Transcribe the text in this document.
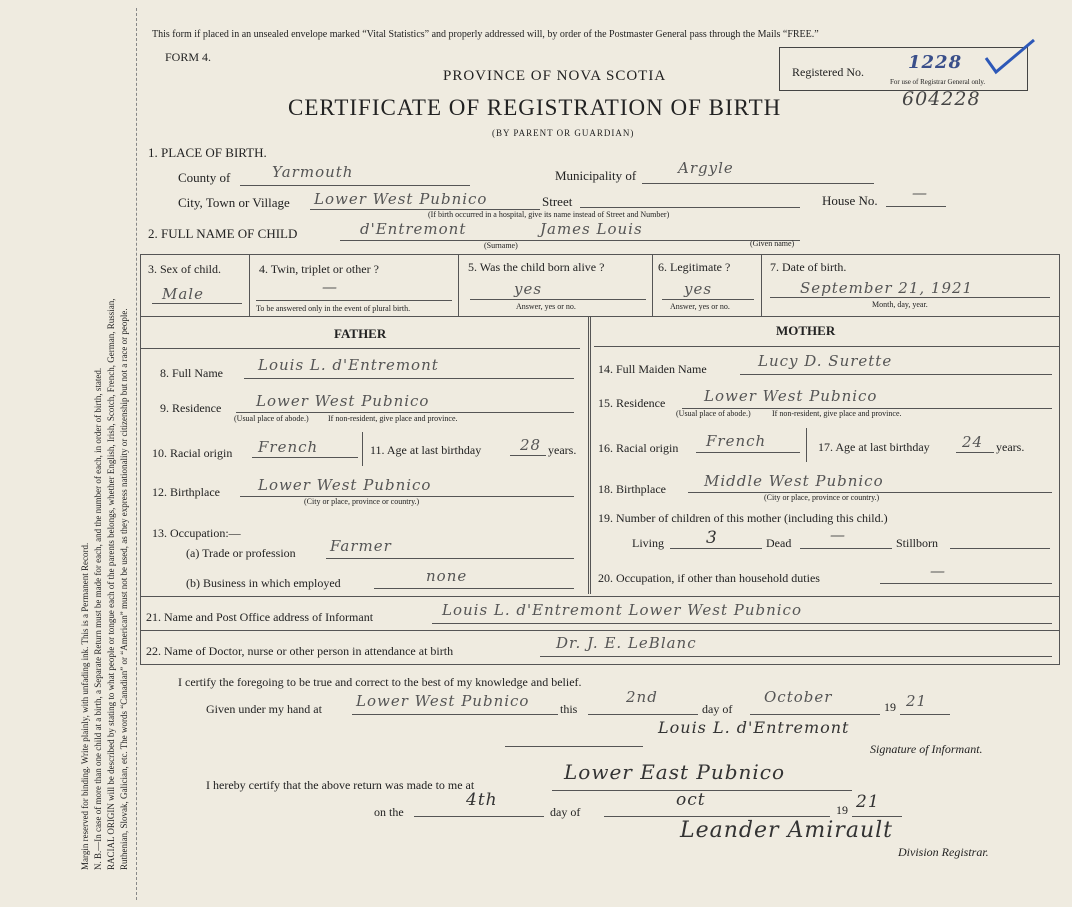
Margin reserved for binding. Write plainly, with unfading ink. This is a Permanent Record. N. B.—In case of more than one child at a birth, a Separate Return must be made for each, and the number of each, in order of birth, stated. RACIAL ORIGIN will be described by stating to what people or tongue each of the parents belongs, whether English, Irish, Scotch, French, German, Russian, Ruthenian, Slovak, Galician, etc. The words “Canadian” or “American” must not be used, as they express nationality or citizenship but not a race or people.
This form if placed in an unsealed envelope marked “Vital Statistics” and properly addressed will, by order of the Postmaster General pass through the Mails “FREE.”
FORM 4.
PROVINCE OF NOVA SCOTIA
CERTIFICATE OF REGISTRATION OF BIRTH
(BY PARENT OR GUARDIAN)
Registered No. 1228
For use of Registrar General only.
604228
1. PLACE OF BIRTH.
County of	Yarmouth	Municipality of	Argyle
City, Town or Village Lower West Pubnico	Street	House No. —
(If birth occurred in a hospital, give its name instead of Street and Number)
2. FULL NAME OF CHILD	d'Entremont	James Louis
(Surname)	(Given name)
3. Sex of child.
Male
4. Twin, triplet or other ?
—
To be answered only in the event of plural birth.
5. Was the child born alive ?
yes
Answer, yes or no.
6. Legitimate ?
yes
Answer, yes or no.
7. Date of birth.
September 21, 1921
Month, day, year.
FATHER	MOTHER
8. Full Name Louis L. d'Entremont
9. Residence Lower West Pubnico
(Usual place of abode.) If non-resident, give place and province.
10. Racial origin French	11. Age at last birthday	28 years.
12. Birthplace	Lower West Pubnico
(City or place, province or country.)
13. Occupation:—
(a) Trade or profession Farmer
(b) Business in which employed	none
14. Full Maiden Name	Lucy D. Surette
15. Residence	Lower West Pubnico
(Usual place of abode.)	If non-resident, give place and province.
16. Racial origin French	17. Age at last birthday 24 years.
18. Birthplace	Middle West Pubnico
(City or place, province or country.)
19. Number of children of this mother (including this child.)
Living 3	Dead	—	Stillborn
20. Occupation, if other than household duties	—
21. Name and Post Office address of Informant	Louis L. d'Entremont Lower West Pubnico
22. Name of Doctor, nurse or other person in attendance at birth	Dr. J. E. LeBlanc
I certify the foregoing to be true and correct to the best of my knowledge and belief.
Given under my hand at Lower West Pubnico	this
2nd
day of
October
19 21
Louis L. d'Entremont
Signature of Informant.
I hereby certify that the above return was made to me at
Lower East Pubnico
on the
4th
day of
oct	19 21
Leander Amirault
Division Registrar.
